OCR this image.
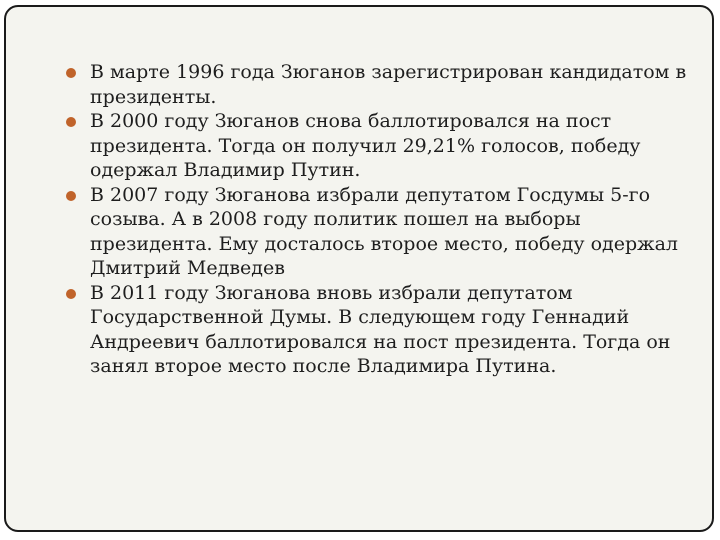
В марте 1996 года Зюганов зарегистрирован кандидатом в президенты.
В 2000 году Зюганов снова баллотировался на пост президента. Тогда он получил 29,21% голосов, победу одержал Владимир Путин.
В 2007 году Зюганова избрали депутатом Госдумы 5-го созыва. А в 2008 году политик пошел на выборы президента. Ему досталось второе место, победу одержал Дмитрий Медведев
В 2011 году Зюганова вновь избрали депутатом Государственной Думы. В следующем году Геннадий Андреевич баллотировался на пост президента. Тогда он занял второе место после Владимира Путина.
